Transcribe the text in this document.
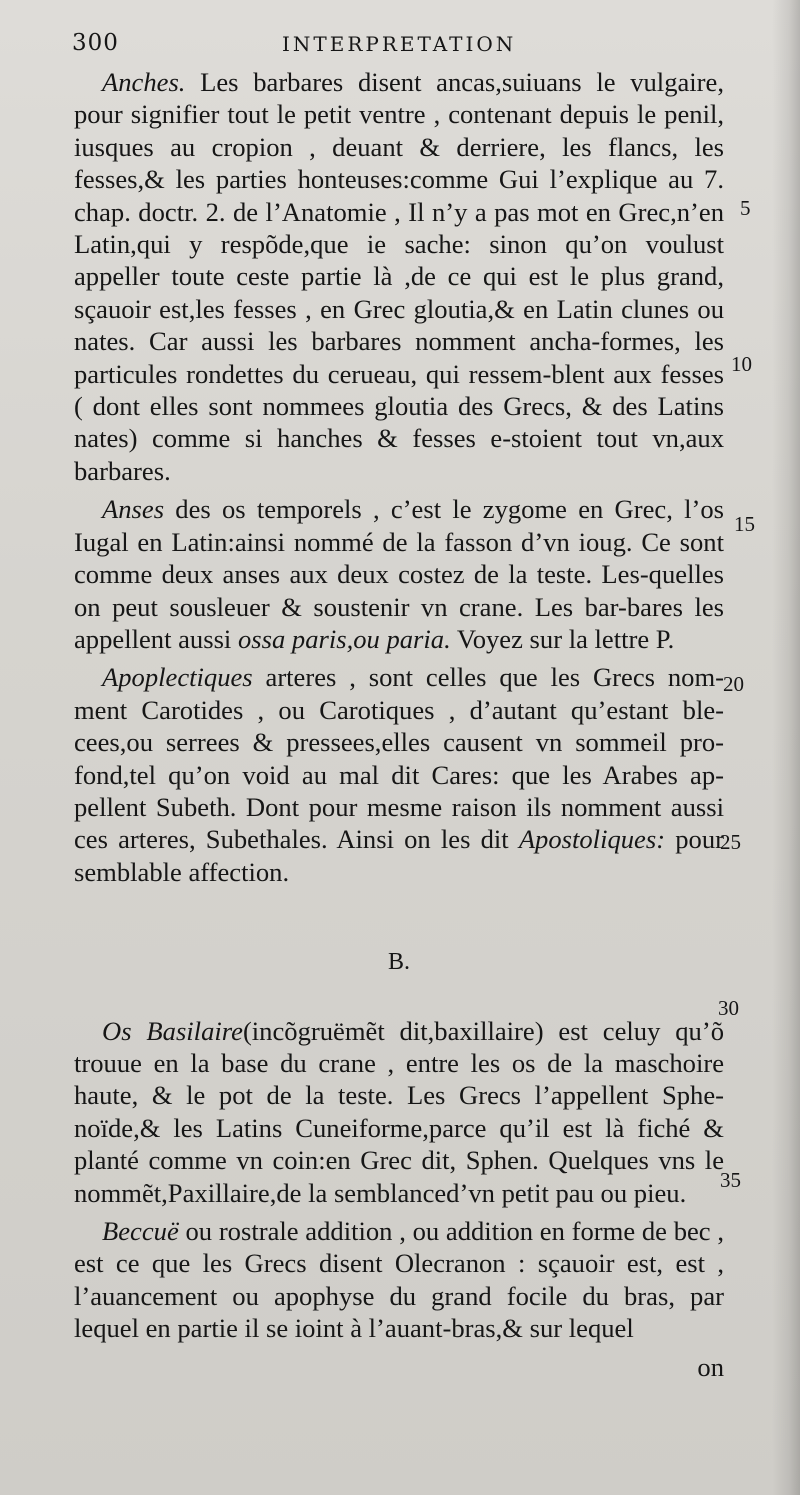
300	INTERPRETATION

Anches. Les barbares disent ancas,suiuans le vulgaire, pour signifier tout le petit ventre , contenant depuis le penil, iusques au cropion , deuant & derriere, les flancs, les fesses,& les parties honteuses:comme Gui l’explique au 7. chap. doctr. 2. de l’Anatomie , Il n’y a pas mot en Grec,n’en Latin,qui y respõde,que ie sache: sinon qu’on voulust appeller toute ceste partie là ,de ce qui est le plus grand, sçauoir est,les fesses , en Grec gloutia,& en Latin clunes ou nates. Car aussi les barbares nomment ancha-formes, les particules rondettes du cerueau, qui ressem-blent aux fesses ( dont elles sont nommees gloutia des Grecs, & des Latins nates) comme si hanches & fesses e-stoient tout vn,aux barbares.

Anses des os temporels , c’est le zygome en Grec, l’os Iugal en Latin:ainsi nommé de la fasson d’vn ioug. Ce sont comme deux anses aux deux costez de la teste. Les-quelles on peut sousleuer & soustenir vn crane. Les bar-bares les appellent aussi ossa paris,ou paria. Voyez sur la lettre P.

Apoplectiques arteres , sont celles que les Grecs nom-ment Carotides , ou Carotiques , d’autant qu’estant ble-cees,ou serrees & pressees,elles causent vn sommeil pro-fond,tel qu’on void au mal dit Cares: que les Arabes ap-pellent Subeth. Dont pour mesme raison ils nomment aussi ces arteres, Subethales. Ainsi on les dit Apostoliques: pour semblable affection.

B.

Os Basilaire(incõgruëmẽt dit,baxillaire) est celuy qu’õ trouue en la base du crane , entre les os de la maschoire haute, & le pot de la teste. Les Grecs l’appellent Sphe-noïde,& les Latins Cuneiforme,parce qu’il est là fiché & planté comme vn coin:en Grec dit, Sphen. Quelques vns le nommẽt,Paxillaire,de la semblanced’vn petit pau ou pieu.

Beccuë ou rostrale addition , ou addition en forme de bec , est ce que les Grecs disent Olecranon : sçauoir est, est , l’auancement ou apophyse du grand focile du bras, par lequel en partie il se ioint à l’auant-bras,& sur lequel

on
5
10
15
20
25
30
35
